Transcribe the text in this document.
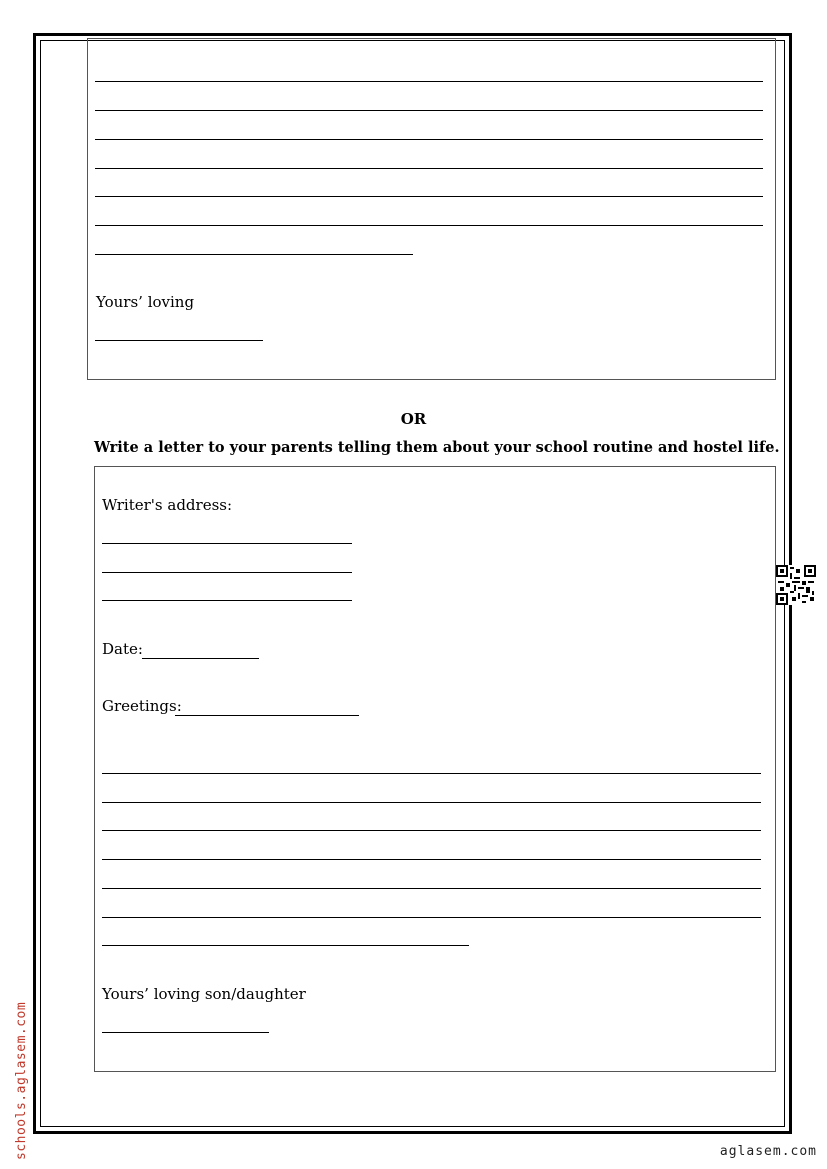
Yours’ loving
OR
Write a letter to your parents telling them about your school routine and hostel life.
Writer's address:
Date:
Greetings:
Yours’ loving son/daughter
schools.aglasem.com	aglasem.com
